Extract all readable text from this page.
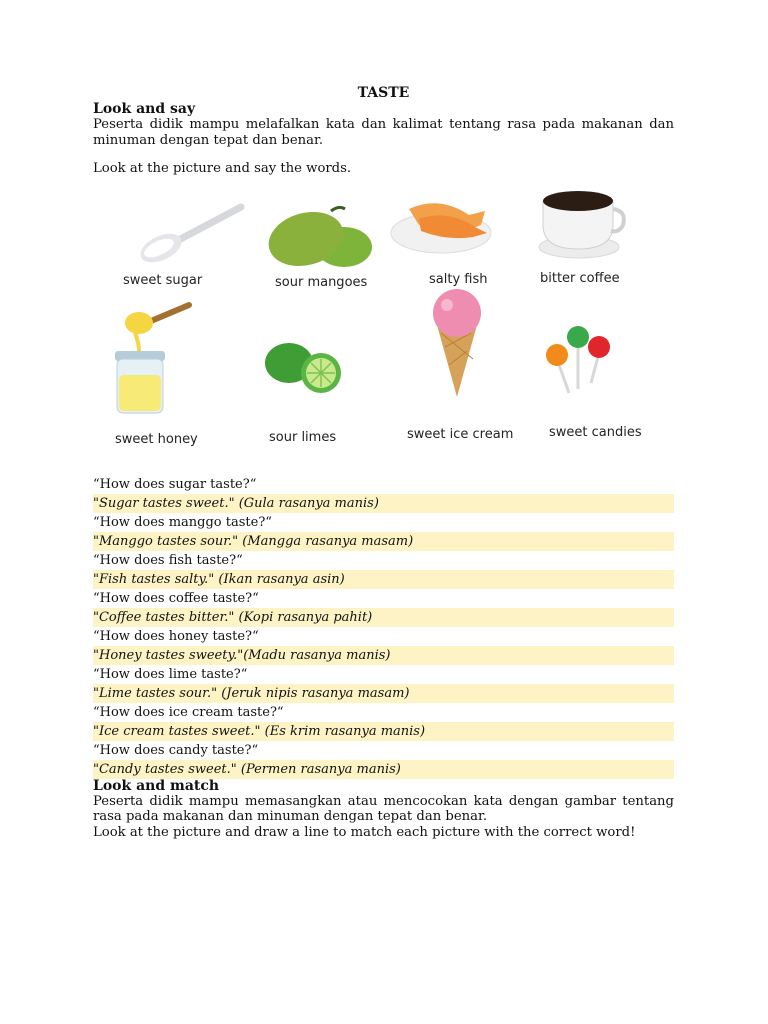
TASTE

Look and say

Peserta didik mampu melafalkan kata dan kalimat tentang rasa pada makanan dan minuman dengan tepat dan benar.

Look at the picture and say the words.

sweet sugar	sour mangoes	salty fish	bitter coffee
sweet honey	sour limes	sweet ice cream	sweet candies
“How does sugar taste?“
"Sugar tastes sweet." (Gula rasanya manis)
“How does manggo taste?“
"Manggo tastes sour." (Mangga rasanya masam)
“How does fish taste?“
"Fish tastes salty." (Ikan rasanya asin)
“How does coffee taste?“
"Coffee tastes bitter." (Kopi rasanya pahit)
“How does honey taste?“
"Honey tastes sweety."(Madu rasanya manis)
“How does lime taste?“
"Lime tastes sour." (Jeruk nipis rasanya masam)
“How does ice cream taste?“
"Ice cream tastes sweet." (Es krim rasanya manis)
“How does candy taste?“
"Candy tastes sweet." (Permen rasanya manis)

Look and match

Peserta didik mampu memasangkan atau mencocokan kata dengan gambar tentang rasa pada makanan dan minuman dengan tepat dan benar.

Look at the picture and draw a line to match each picture with the correct word!
